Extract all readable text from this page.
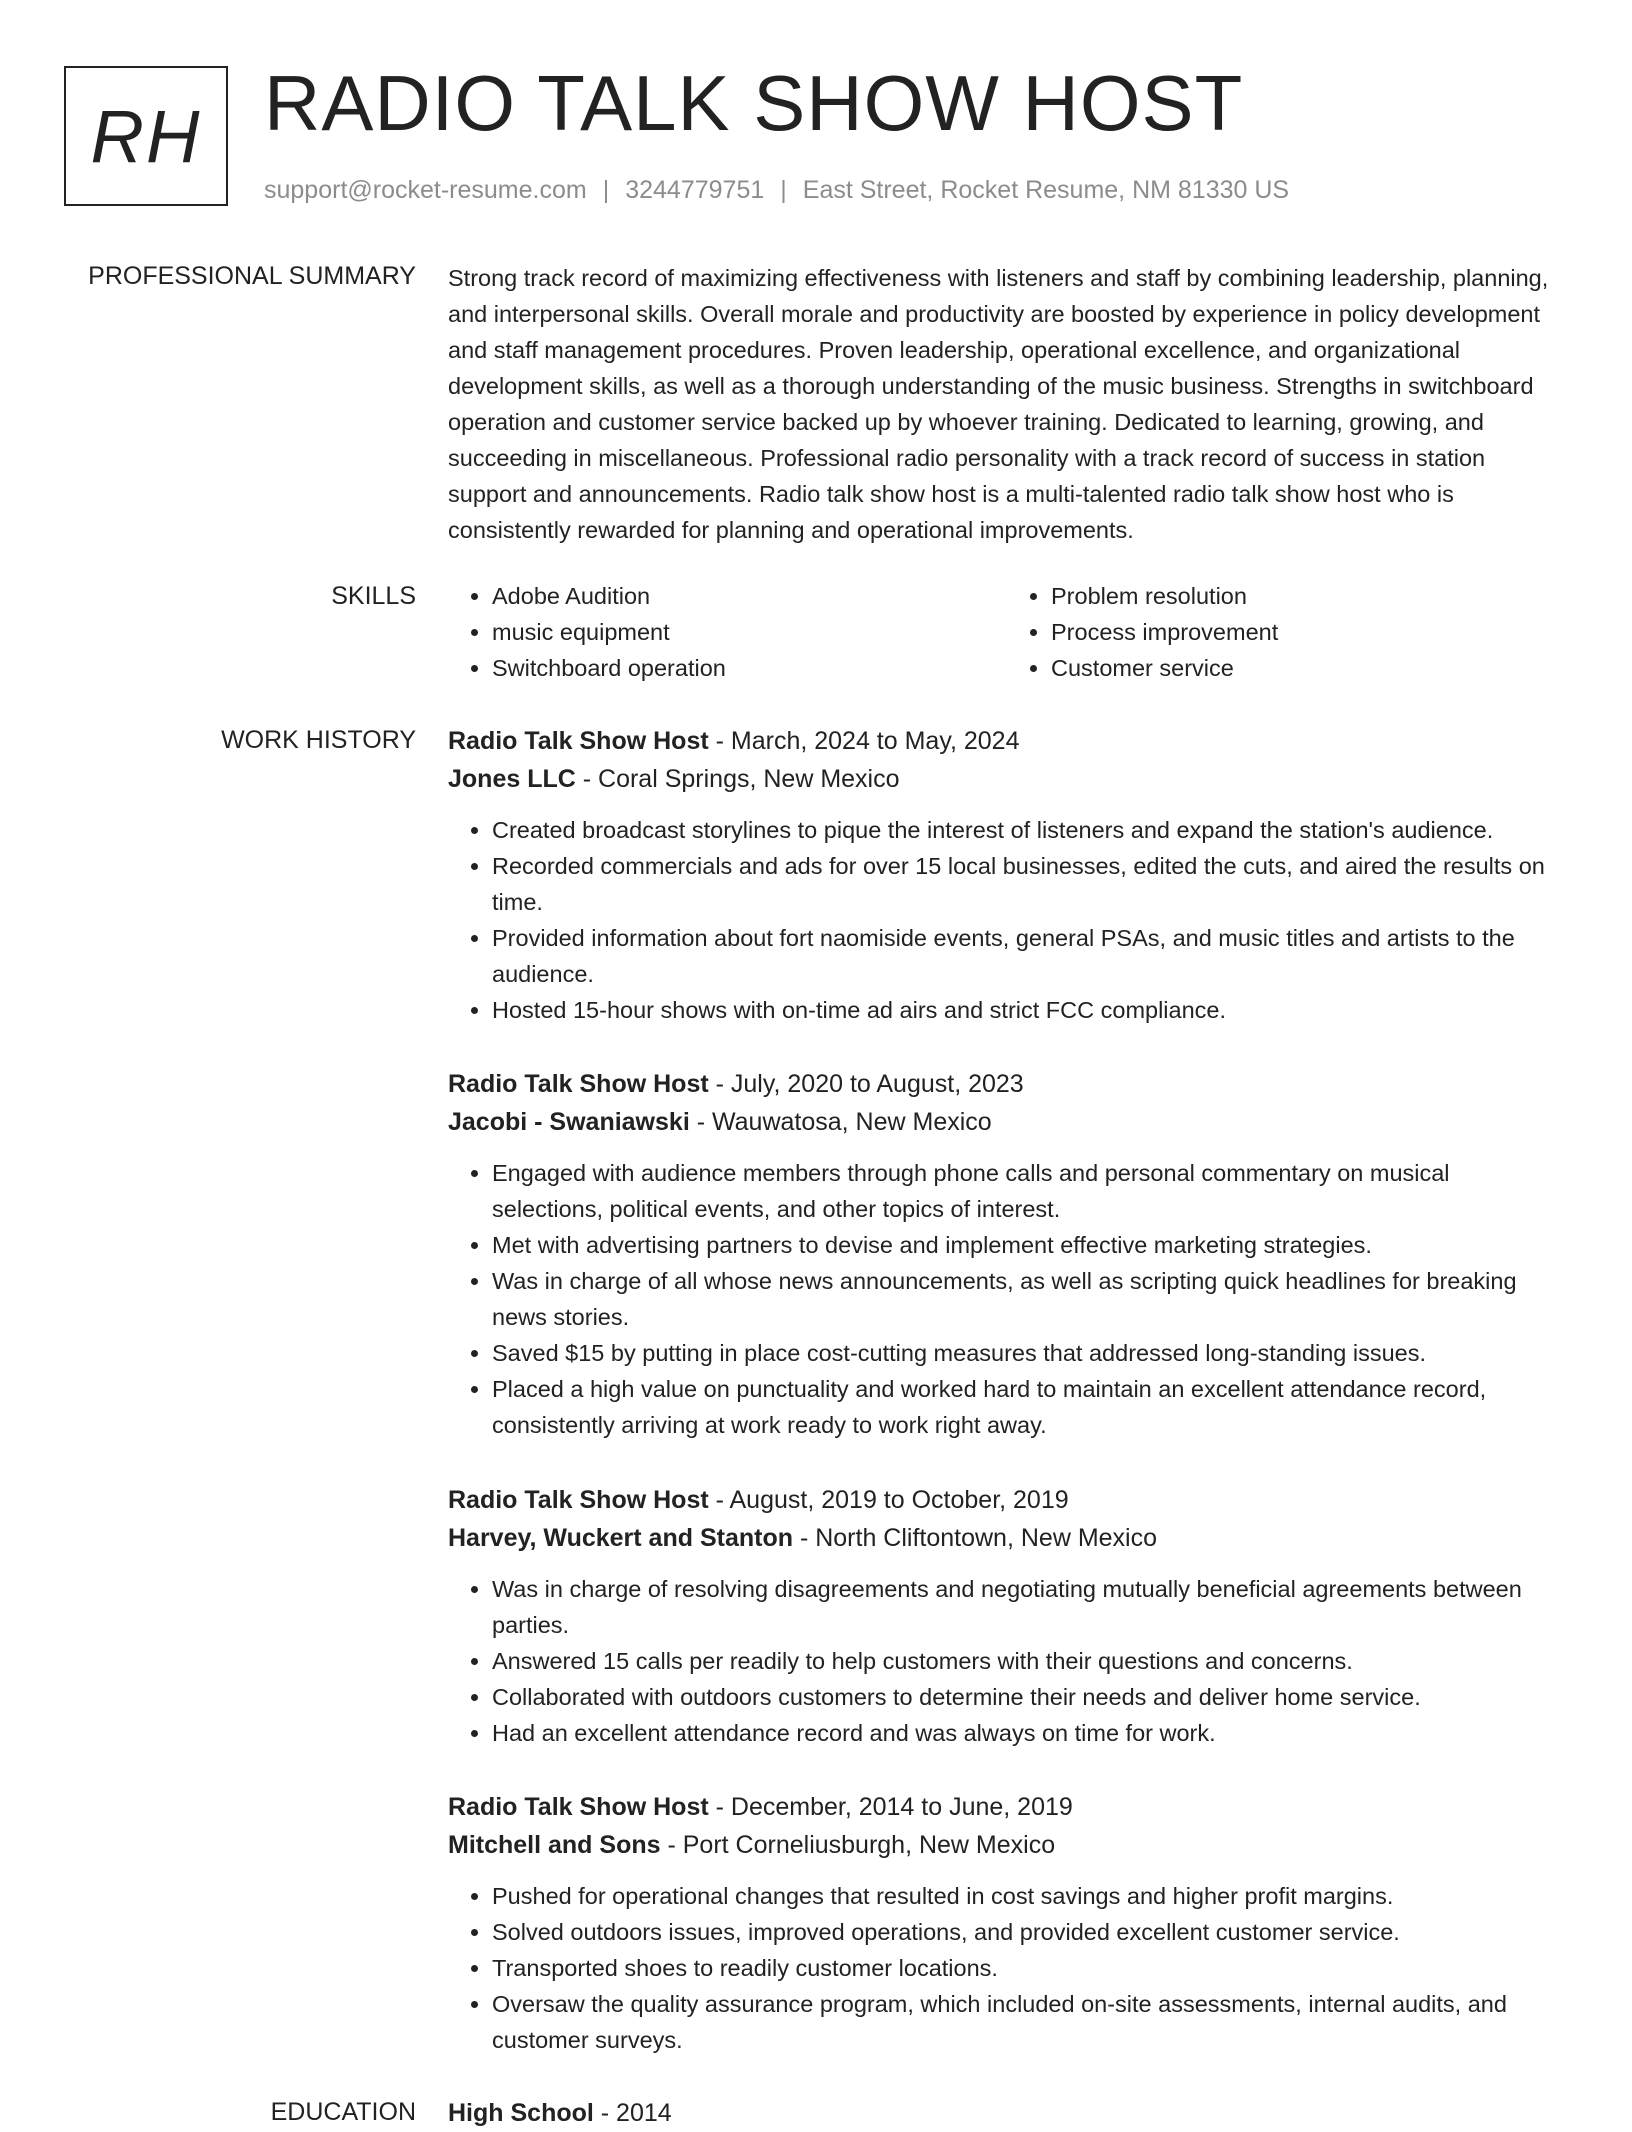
RH RADIO TALK SHOW HOST
support@rocket-resume.com | 3244779751 | East Street, Rocket Resume, NM 81330 US
PROFESSIONAL SUMMARY Strong track record of maximizing effectiveness with listeners and staff by combining leadership, planning, and interpersonal skills. Overall morale and productivity are boosted by experience in policy development and staff management procedures. Proven leadership, operational excellence, and organizational development skills, as well as a thorough understanding of the music business. Strengths in switchboard operation and customer service backed up by whoever training. Dedicated to learning, growing, and succeeding in miscellaneous. Professional radio personality with a track record of success in station support and announcements. Radio talk show host is a multi-talented radio talk show host who is consistently rewarded for planning and operational improvements.

SKILLS
•	Adobe Audition
• music equipment
• Switchboard operation
• Problem resolution
• Process improvement
• Customer service
WORK HISTORY Radio Talk Show Host - March, 2024 to May, 2024
Jones LLC - Coral Springs, New Mexico
• Created broadcast storylines to pique the interest of listeners and expand the station's audience.
• Recorded commercials and ads for over 15 local businesses, edited the cuts, and aired the results on time.
• Provided information about fort naomiside events, general PSAs, and music titles and artists to the audience.
• Hosted 15-hour shows with on-time ad airs and strict FCC compliance.
Radio Talk Show Host - July, 2020 to August, 2023
Jacobi - Swaniawski - Wauwatosa, New Mexico
• Engaged with audience members through phone calls and personal commentary on musical selections, political events, and other topics of interest.
• Met with advertising partners to devise and implement effective marketing strategies.
• Was in charge of all whose news announcements, as well as scripting quick headlines for breaking news stories.
• Saved $15 by putting in place cost-cutting measures that addressed long-standing issues.
• Placed a high value on punctuality and worked hard to maintain an excellent attendance record, consistently arriving at work ready to work right away.
Radio Talk Show Host - August, 2019 to October, 2019
Harvey, Wuckert and Stanton - North Cliftontown, New Mexico
• Was in charge of resolving disagreements and negotiating mutually beneficial agreements between parties.
• Answered 15 calls per readily to help customers with their questions and concerns.
• Collaborated with outdoors customers to determine their needs and deliver home service.
• Had an excellent attendance record and was always on time for work.
Radio Talk Show Host - December, 2014 to June, 2019
Mitchell and Sons - Port Corneliusburgh, New Mexico
• Pushed for operational changes that resulted in cost savings and higher profit margins.
• Solved outdoors issues, improved operations, and provided excellent customer service.
• Transported shoes to readily customer locations.
• Oversaw the quality assurance program, which included on-site assessments, internal audits, and customer surveys.
EDUCATION High School - 2014
